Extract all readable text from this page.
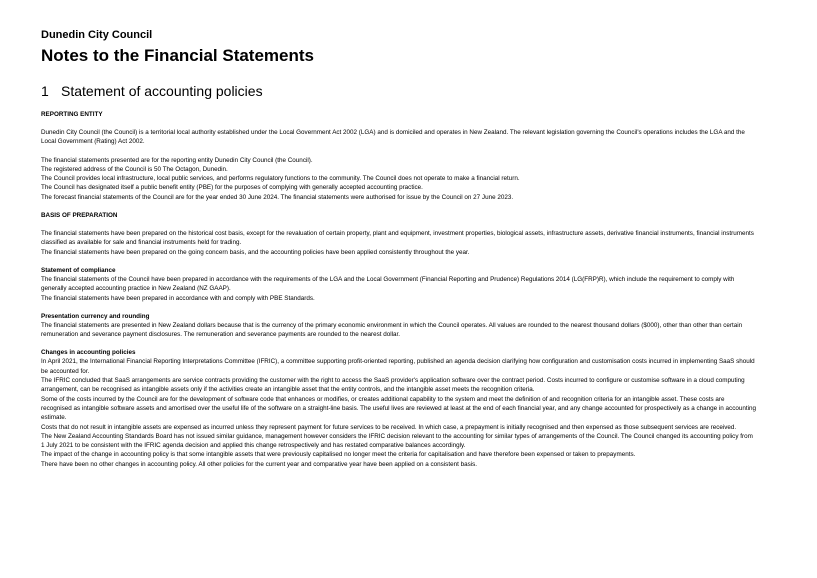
Dunedin City Council
Notes to the Financial Statements
1 Statement of accounting policies
REPORTING ENTITY

Dunedin City Council (the Council) is a territorial local authority established under the Local Government Act 2002 (LGA) and is domiciled and operates in New Zealand. The relevant legislation governing the Council's operations includes the LGA and the Local Government (Rating) Act 2002.

The financial statements presented are for the reporting entity Dunedin City Council (the Council).

The registered address of the Council is 50 The Octagon, Dunedin.

The Council provides local infrastructure, local public services, and performs regulatory functions to the community. The Council does not operate to make a financial return.

The Council has designated itself a public benefit entity (PBE) for the purposes of complying with generally accepted accounting practice.

The forecast financial statements of the Council are for the year ended 30 June 2024. The financial statements were authorised for issue by the Council on 27 June 2023.

BASIS OF PREPARATION

The financial statements have been prepared on the historical cost basis, except for the revaluation of certain property, plant and equipment, investment properties, biological assets, infrastructure assets, derivative financial instruments, financial instruments classified as available for sale and financial instruments held for trading.

The financial statements have been prepared on the going concern basis, and the accounting policies have been applied consistently throughout the year.

Statement of compliance

The financial statements of the Council have been prepared in accordance with the requirements of the LGA and the Local Government (Financial Reporting and Prudence) Regulations 2014 (LG(FRP)R), which include the requirement to comply with generally accepted accounting practice in New Zealand (NZ GAAP).

The financial statements have been prepared in accordance with and comply with PBE Standards.

Presentation currency and rounding

The financial statements are presented in New Zealand dollars because that is the currency of the primary economic environment in which the Council operates. All values are rounded to the nearest thousand dollars ($000), other than other than certain remuneration and severance payment disclosures. The remuneration and severance payments are rounded to the nearest dollar.

Changes in accounting policies

In April 2021, the International Financial Reporting Interpretations Committee (IFRIC), a committee supporting profit-oriented reporting, published an agenda decision clarifying how configuration and customisation costs incurred in implementing SaaS should be accounted for.

The IFRIC concluded that SaaS arrangements are service contracts providing the customer with the right to access the SaaS provider's application software over the contract period. Costs incurred to configure or customise software in a cloud computing arrangement, can be recognised as intangible assets only if the activities create an intangible asset that the entity controls, and the intangible asset meets the recognition criteria.

Some of the costs incurred by the Council are for the development of software code that enhances or modifies, or creates additional capability to the system and meet the definition of and recognition criteria for an intangible asset. These costs are recognised as intangible software assets and amortised over the useful life of the software on a straight-line basis. The useful lives are reviewed at least at the end of each financial year, and any change accounted for prospectively as a change in accounting estimate.

Costs that do not result in intangible assets are expensed as incurred unless they represent payment for future services to be received. In which case, a prepayment is initially recognised and then expensed as those subsequent services are received.

The New Zealand Accounting Standards Board has not issued similar guidance, management however considers the IFRIC decision relevant to the accounting for similar types of arrangements of the Council. The Council changed its accounting policy from 1 July 2021 to be consistent with the IFRIC agenda decision and applied this change retrospectively and has restated comparative balances accordingly.

The impact of the change in accounting policy is that some intangible assets that were previously capitalised no longer meet the criteria for capitalisation and have therefore been expensed or taken to prepayments.

There have been no other changes in accounting policy. All other policies for the current year and comparative year have been applied on a consistent basis.
